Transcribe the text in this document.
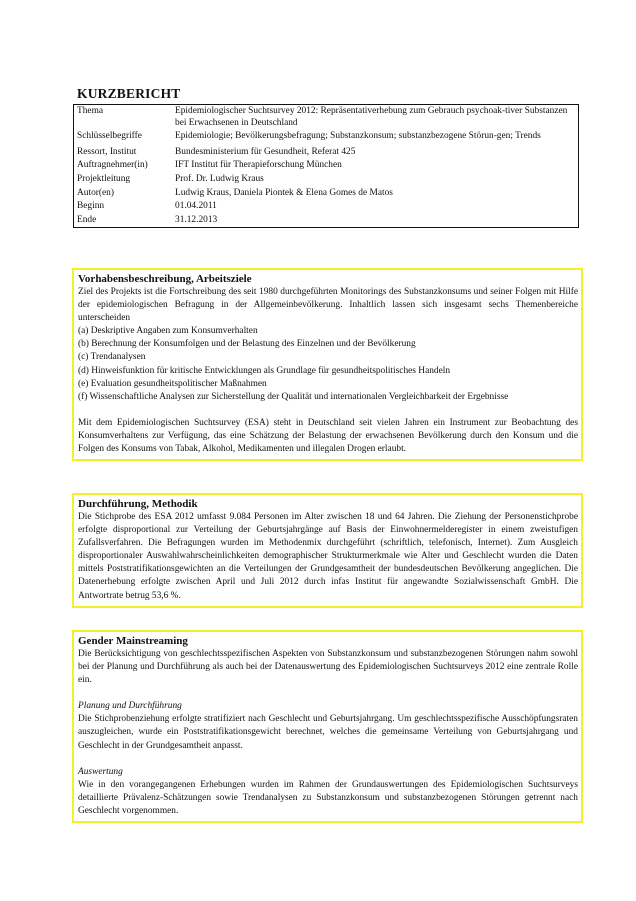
KURZBERICHT
Thema	Epidemiologischer Suchtsurvey 2012: Repräsentativerhebung zum Gebrauch psychoak-tiver Substanzen bei Erwachsenen in Deutschland
Schlüsselbegriffe	Epidemiologie; Bevölkerungsbefragung; Substanzkonsum; substanzbezogene Störun-gen; Trends
Ressort, Institut	Bundesministerium für Gesundheit, Referat 425
Auftragnehmer(in)	IFT Institut für Therapieforschung München
Projektleitung	Prof. Dr. Ludwig Kraus
Autor(en)	Ludwig Kraus, Daniela Piontek & Elena Gomes de Matos
Beginn	01.04.2011
Ende	31.12.2013
Vorhabensbeschreibung, Arbeitsziele

Ziel des Projekts ist die Fortschreibung des seit 1980 durchgeführten Monitorings des Substanzkonsums und seiner Folgen mit Hilfe der epidemiologischen Befragung in der Allgemeinbevölkerung. Inhaltlich lassen sich insgesamt sechs Themenbereiche unterscheiden

(a) Deskriptive Angaben zum Konsumverhalten
(b) Berechnung der Konsumfolgen und der Belastung des Einzelnen und der Bevölkerung
(c) Trendanalysen
(d) Hinweisfunktion für kritische Entwicklungen als Grundlage für gesundheitspolitisches Handeln
(e) Evaluation gesundheitspolitischer Maßnahmen
(f) Wissenschaftliche Analysen zur Sicherstellung der Qualität und internationalen Vergleichbarkeit der Ergebnisse

Mit dem Epidemiologischen Suchtsurvey (ESA) steht in Deutschland seit vielen Jahren ein Instrument zur Beobachtung des Konsumverhaltens zur Verfügung, das eine Schätzung der Belastung der erwachsenen Bevölkerung durch den Konsum und die Folgen des Konsums von Tabak, Alkohol, Medikamenten und illegalen Drogen erlaubt.

Durchführung, Methodik

Die Stichprobe des ESA 2012 umfasst 9.084 Personen im Alter zwischen 18 und 64 Jahren. Die Ziehung der Personenstichprobe erfolgte disproportional zur Verteilung der Geburtsjahrgänge auf Basis der Einwohnermelderegister in einem zweistufigen Zufallsverfahren. Die Befragungen wurden im Methodenmix durchgeführt (schriftlich, telefonisch, Internet). Zum Ausgleich disproportionaler Auswahlwahrscheinlichkeiten demographischer Strukturmerkmale wie Alter und Geschlecht wurden die Daten mittels Poststratifikationsgewichten an die Verteilungen der Grundgesamtheit der bundesdeutschen Bevölkerung angeglichen. Die Datenerhebung erfolgte zwischen April und Juli 2012 durch infas Institut für angewandte Sozialwissenschaft GmbH. Die Antwortrate betrug 53,6 %.

Gender Mainstreaming

Die Berücksichtigung von geschlechtsspezifischen Aspekten von Substanzkonsum und substanzbezogenen Störungen nahm sowohl bei der Planung und Durchführung als auch bei der Datenauswertung des Epidemiologischen Suchtsurveys 2012 eine zentrale Rolle ein.

Planung und Durchführung

Die Stichprobenziehung erfolgte stratifiziert nach Geschlecht und Geburtsjahrgang. Um geschlechtsspezifische Ausschöpfungsraten auszugleichen, wurde ein Poststratifikationsgewicht berechnet, welches die gemeinsame Verteilung von Geburtsjahrgang und Geschlecht in der Grundgesamtheit anpasst.

Auswertung

Wie in den vorangegangenen Erhebungen wurden im Rahmen der Grundauswertungen des Epidemiologischen Suchtsurveys detaillierte Prävalenz-Schätzungen sowie Trendanalysen zu Substanzkonsum und substanzbezogenen Störungen getrennt nach Geschlecht vorgenommen.
